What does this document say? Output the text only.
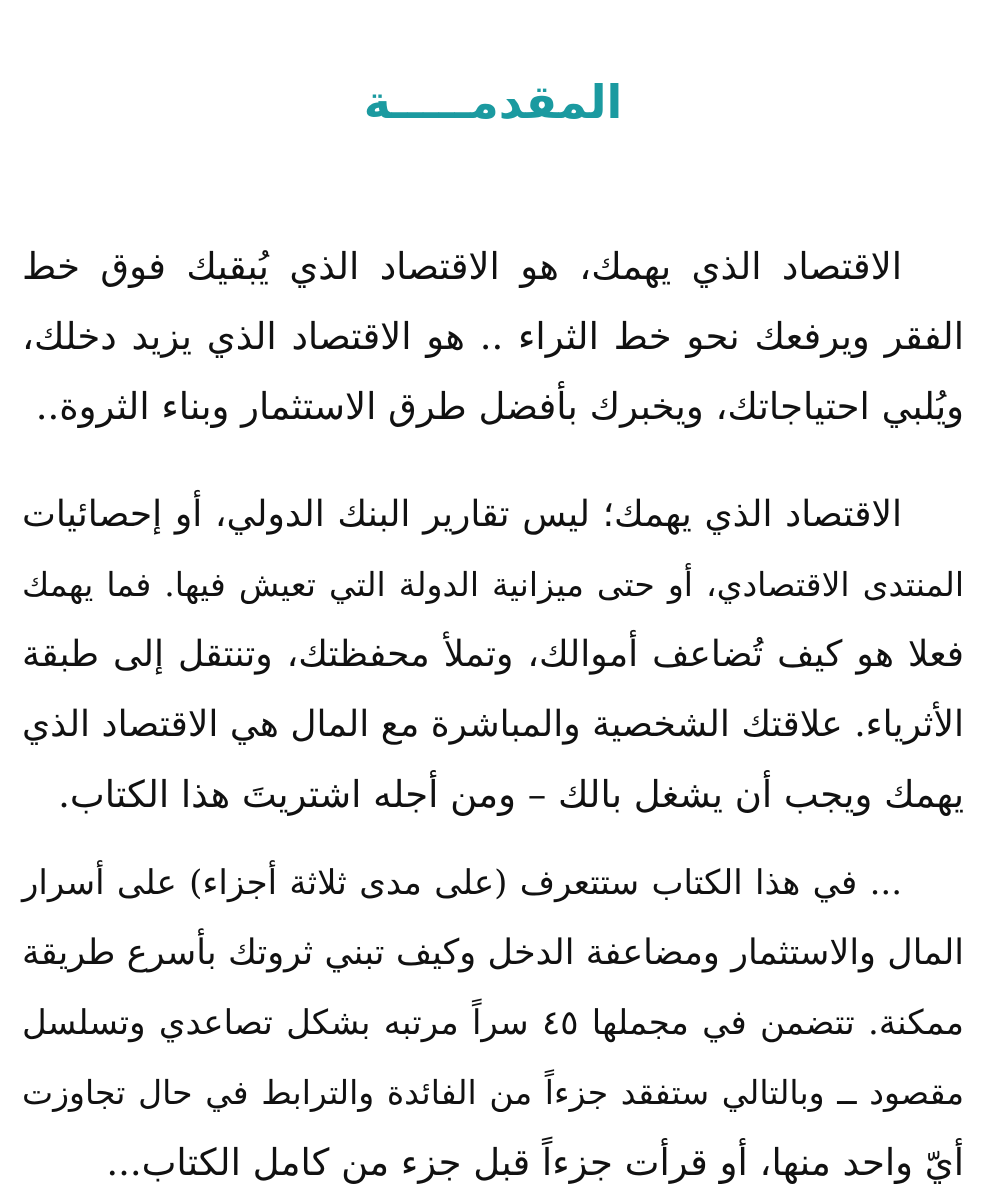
المقدمـــــة
الاقتصاد الذي يهمك، هو الاقتصاد الذي يُبقيك فوق خط
الفقر ويرفعك نحو خط الثراء .. هو الاقتصاد الذي يزيد دخلك،
ويُلبي احتياجاتك، ويخبرك بأفضل طرق الاستثمار وبناء الثروة..
الاقتصاد الذي يهمك؛ ليس تقارير البنك الدولي، أو إحصائيات
المنتدى الاقتصادي، أو حتى ميزانية الدولة التي تعيش فيها. فما يهمك
فعلا هو كيف تُضاعف أموالك، وتملأ محفظتك، وتنتقل إلى طبقة
الأثرياء. علاقتك الشخصية والمباشرة مع المال هي الاقتصاد الذي
يهمك ويجب أن يشغل بالك – ومن أجله اشتريتَ هذا الكتاب.
... في هذا الكتاب ستتعرف (على مدى ثلاثة أجزاء) على أسرار
المال والاستثمار ومضاعفة الدخل وكيف تبني ثروتك بأسرع طريقة
ممكنة. تتضمن في مجملها ٤٥ سراً مرتبه بشكل تصاعدي وتسلسل
مقصود ــ وبالتالي ستفقد جزءاً من الفائدة والترابط في حال تجاوزت
أيّ واحد منها، أو قرأت جزءاً قبل جزء من كامل الكتاب...
